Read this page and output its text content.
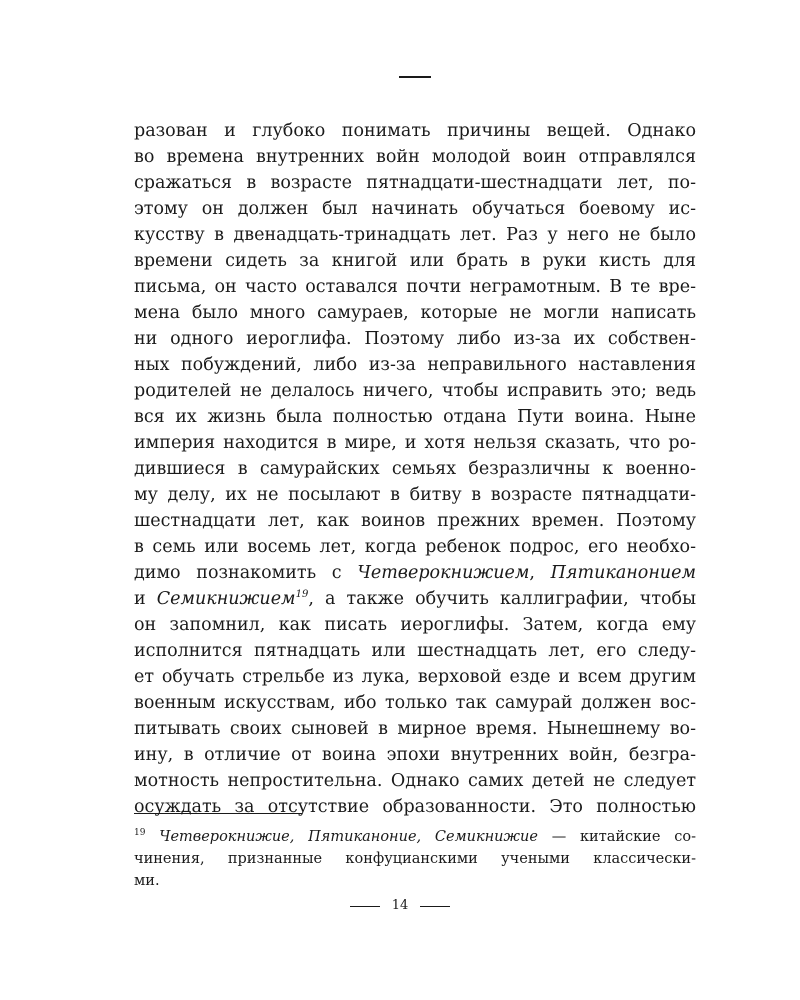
разован и глубоко понимать причины вещей. Однако
во времена внутренних войн молодой воин отправлялся
сражаться в возрасте пятнадцати-шестнадцати лет, по-
этому он должен был начинать обучаться боевому ис-
кусству в двенадцать-тринадцать лет. Раз у него не было
времени сидеть за книгой или брать в руки кисть для
письма, он часто оставался почти неграмотным. В те вре-
мена было много самураев, которые не могли написать
ни одного иероглифа. Поэтому либо из-за их собствен-
ных побуждений, либо из-за неправильного наставления
родителей не делалось ничего, чтобы исправить это; ведь
вся их жизнь была полностью отдана Пути воина. Ныне
империя находится в мире, и хотя нельзя сказать, что ро-
дившиеся в самурайских семьях безразличны к военно-
му делу, их не посылают в битву в возрасте пятнадцати-
шестнадцати лет, как воинов прежних времен. Поэтому
в семь или восемь лет, когда ребенок подрос, его необхо-
димо познакомить с Четверокнижием, Пятиканонием
и Семикнижием$^{19}$, а также обучить каллиграфии, чтобы
он запомнил, как писать иероглифы. Затем, когда ему
исполнится пятнадцать или шестнадцать лет, его следу-
ет обучать стрельбе из лука, верховой езде и всем другим
военным искусствам, ибо только так самурай должен вос-
питывать своих сыновей в мирное время. Нынешнему во-
ину, в отличие от воина эпохи внутренних войн, безгра-
мотность непростительна. Однако самих детей не следует
осуждать за отсутствие образованности. Это полностью
$^{19}$ Четверокнижие, Пятиканоние, Семикнижие — китайские со-
чинения, признанные конфуцианскими учеными классически-
ми.
14
